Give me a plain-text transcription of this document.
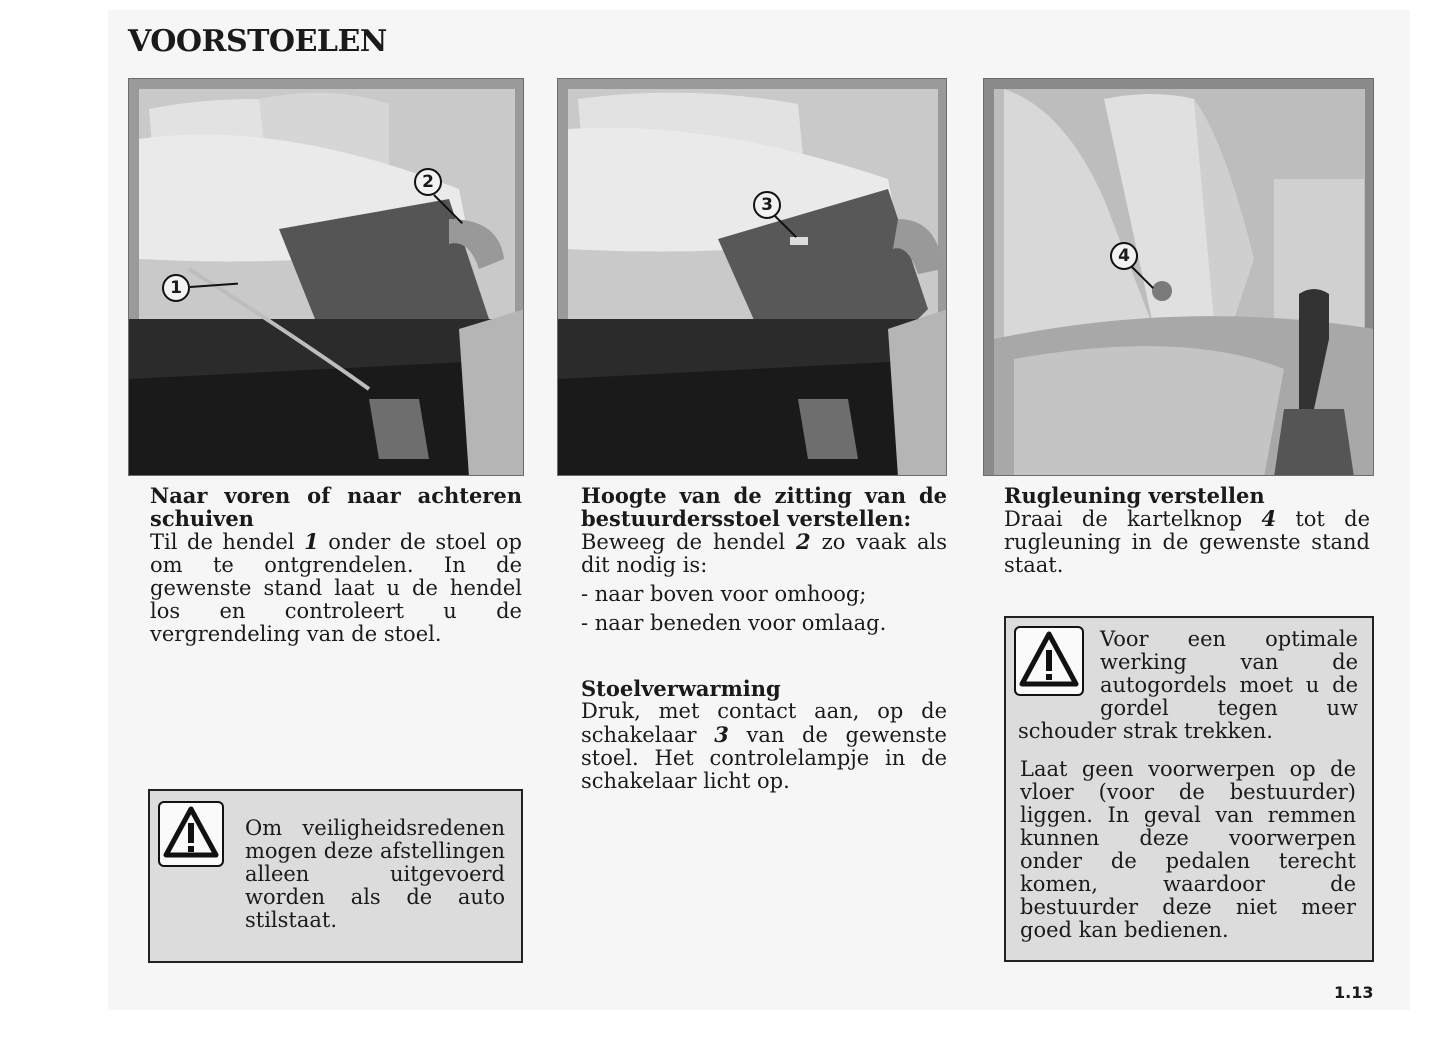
VOORSTOELEN
1
2
Naar voren of naar achteren schuiven
Til de hendel 1 onder de stoel op om te ontgrendelen. In de gewenste stand laat u de hendel los en controleert u de vergrendeling van de stoel.
Om veiligheidsredenen mogen deze afstellingen alleen uitgevoerd worden als de auto stilstaat.
3
Hoogte van de zitting van de bestuurdersstoel verstellen:
Beweeg de hendel 2 zo vaak als dit nodig is:
- naar boven voor omhoog;
- naar beneden voor omlaag.
Stoelverwarming
Druk, met contact aan, op de schakelaar 3 van de gewenste stoel. Het controlelampje in de schakelaar licht op.
4
Rugleuning verstellen
Draai de kartelknop 4 tot de rugleuning in de gewenste stand staat.
Voor een optimale werking van de autogordels moet u de gordel tegen uw schouder strak trekken.
Laat geen voorwerpen op de vloer (voor de bestuurder) liggen. In geval van remmen kunnen deze voorwerpen onder de pedalen terecht komen, waardoor de bestuurder deze niet meer goed kan bedienen.
1.13
